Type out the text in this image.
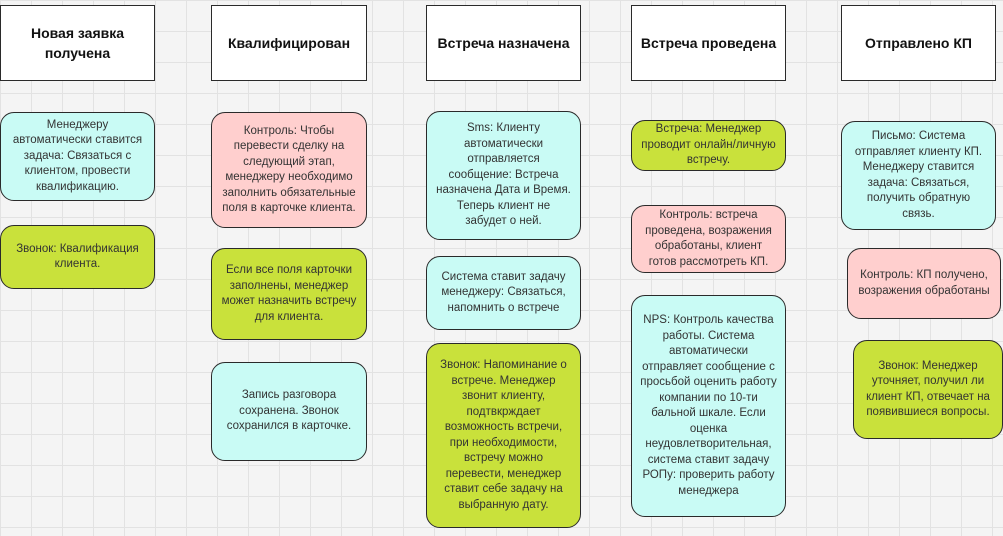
Новая заявка получена
Менеджеру автоматически ставится задача: Связаться с клиентом, провести квалификацию.
Звонок: Квалификация клиента.
Квалифицирован
Контроль: Чтобы перевести сделку на следующий этап, менеджеру необходимо заполнить обязательные поля в карточке клиента.
Если все поля карточки заполнены, менеджер может назначить встречу для клиента.
Запись разговора сохранена. Звонок сохранился в карточке.
Встреча назначена
Sms: Клиенту автоматически отправляется сообщение: Встреча назначена Дата и Время. Теперь клиент не забудет о ней.
Система ставит задачу менеджеру: Связаться, напомнить о встрече
Звонок: Напоминание о встрече. Менеджер звонит клиенту, подтвкрждает возможность встречи, при необходимости, встречу можно перевести, менеджер ставит себе задачу на выбранную дату.
Встреча проведена
Встреча: Менеджер проводит онлайн/личную встречу.
Контроль: встреча проведена, возражения обработаны, клиент готов рассмотреть КП.
NPS: Контроль качества работы. Система автоматически отправляет сообщение с просьбой оценить работу компании по 10-ти бальной шкале. Если оценка неудовлетворительная, система ставит задачу РОПу: проверить работу менеджера
Отправлено КП
Письмо: Система отправляет клиенту КП. Менеджеру ставится задача: Связаться, получить обратную связь.
Контроль: КП получено, возражения обработаны
Звонок: Менеджер уточняет, получил ли клиент КП, отвечает на появившиеся вопросы.
